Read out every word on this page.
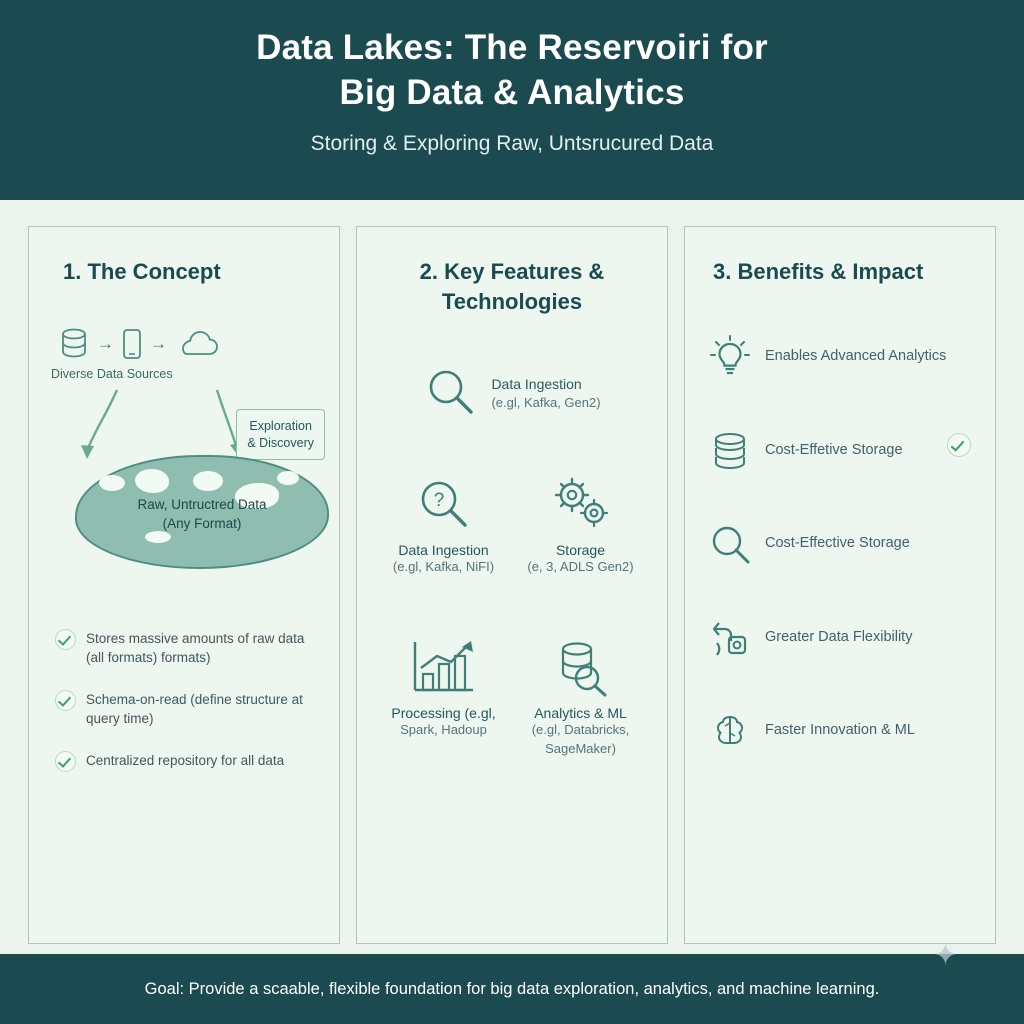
Data Lakes: The Reservoiri for
Big Data & Analytics
Storing & Exploring Raw, Untsrucured Data
1. The Concept
→ →
Diverse Data Sources
Exploration
& Discovery
Raw, Untructred Data
(Any Format)
Stores massive amounts of raw data (all formats) formats)
Schema-on-read (define structure at query time)
Centralized repository for all data
2. Key Features & Technologies
Data Ingestion
(e.gl, Kafka, Gen2)
?
Data Ingestion
(e.gl, Kafka, NiFI)
Storage
(e, 3, ADLS Gen2)
Processing (e.gl,
Spark, Hadoup
Analytics & ML
(e.gl, Databricks, SageMaker)
3. Benefits & Impact
Enables Advanced Analytics
Cost-Effetive Storage
Cost-Effective Storage
Greater Data Flexibility
Faster Innovation & ML
✦
Goal: Provide a scaable, flexible foundation for big data exploration, analytics, and machine learning.
